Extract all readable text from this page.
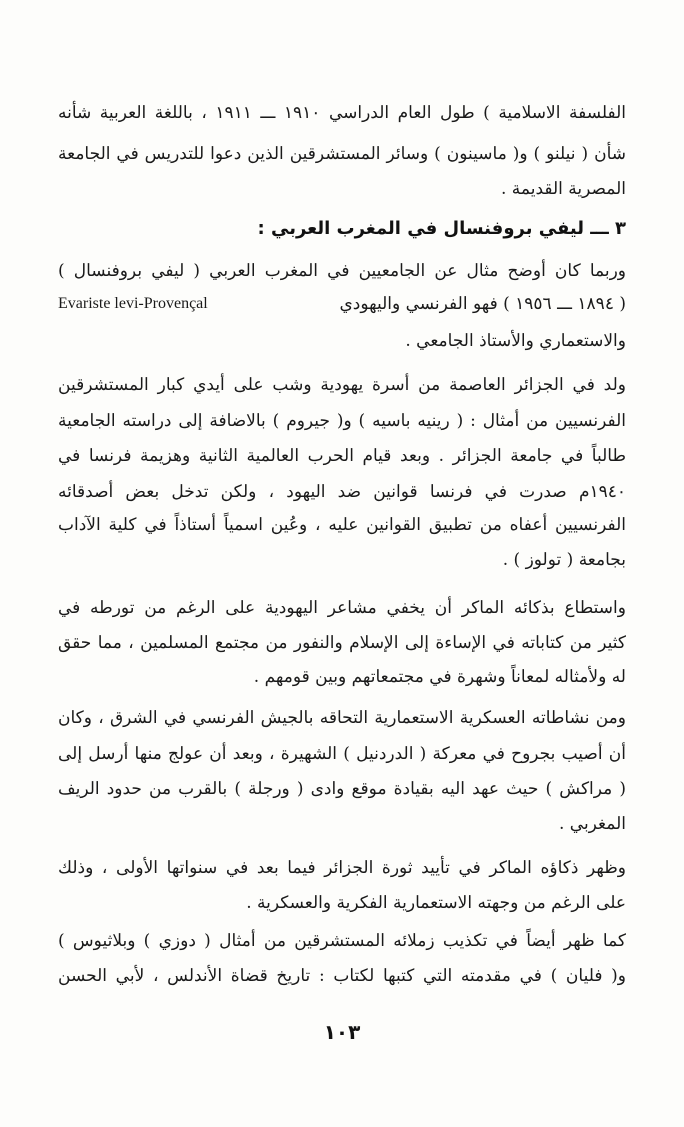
الفلسفة الاسلامية ) طول العام الدراسي ١٩١٠ ـــ ١٩١١ ، باللغة العربية شأنه
شأن ( نيلنو ) و( ماسينون ) وسائر المستشرقين الذين دعوا للتدريس في الجامعة
المصرية القديمة .
٣ ـــ ليفي بروفنسال في المغرب العربي :
وربما كان أوضح مثال عن الجامعيين في المغرب العربي ( ليفي بروفنسال )
( ١٨٩٤ ـــ ١٩٥٦ ) فهو الفرنسي واليهودي
Evariste levi-Provençal
والاستعماري والأستاذ الجامعي .
ولد في الجزائر العاصمة من أسرة يهودية وشب على أيدي كبار المستشرقين
الفرنسيين من أمثال : ( رينيه باسيه ) و( جيروم ) بالاضافة إلى دراسته الجامعية
طالباً في جامعة الجزائر . وبعد قيام الحرب العالمية الثانية وهزيمة فرنسا في
١٩٤٠م صدرت في فرنسا قوانين ضد اليهود ، ولكن تدخل بعض أصدقائه
الفرنسيين أعفاه من تطبيق القوانين عليه ، وعُين اسمياً أستاذاً في كلية الآداب
بجامعة ( تولوز ) .
واستطاع بذكائه الماكر أن يخفي مشاعر اليهودية على الرغم من تورطه في
كثير من كتاباته في الإساءة إلى الإسلام والنفور من مجتمع المسلمين ، مما حقق
له ولأمثاله لمعاناً وشهرة في مجتمعاتهم وبين قومهم .
ومن نشاطاته العسكرية الاستعمارية التحاقه بالجيش الفرنسي في الشرق ، وكان
أن أصيب بجروح في معركة ( الدردنيل ) الشهيرة ، وبعد أن عولج منها أرسل إلى
( مراكش ) حيث عهد اليه بقيادة موقع وادى ( ورجلة ) بالقرب من حدود الريف
المغربي .
وظهر ذكاؤه الماكر في تأييد ثورة الجزائر فيما بعد في سنواتها الأولى ، وذلك
على الرغم من وجهته الاستعمارية الفكرية والعسكرية .
كما ظهر أيضاً في تكذيب زملائه المستشرقين من أمثال ( دوزي ) وبلاثيوس )
و( فليان ) في مقدمته التي كتبها لكتاب : تاريخ قضاة الأندلس ، لأبي الحسن
١٠٣
